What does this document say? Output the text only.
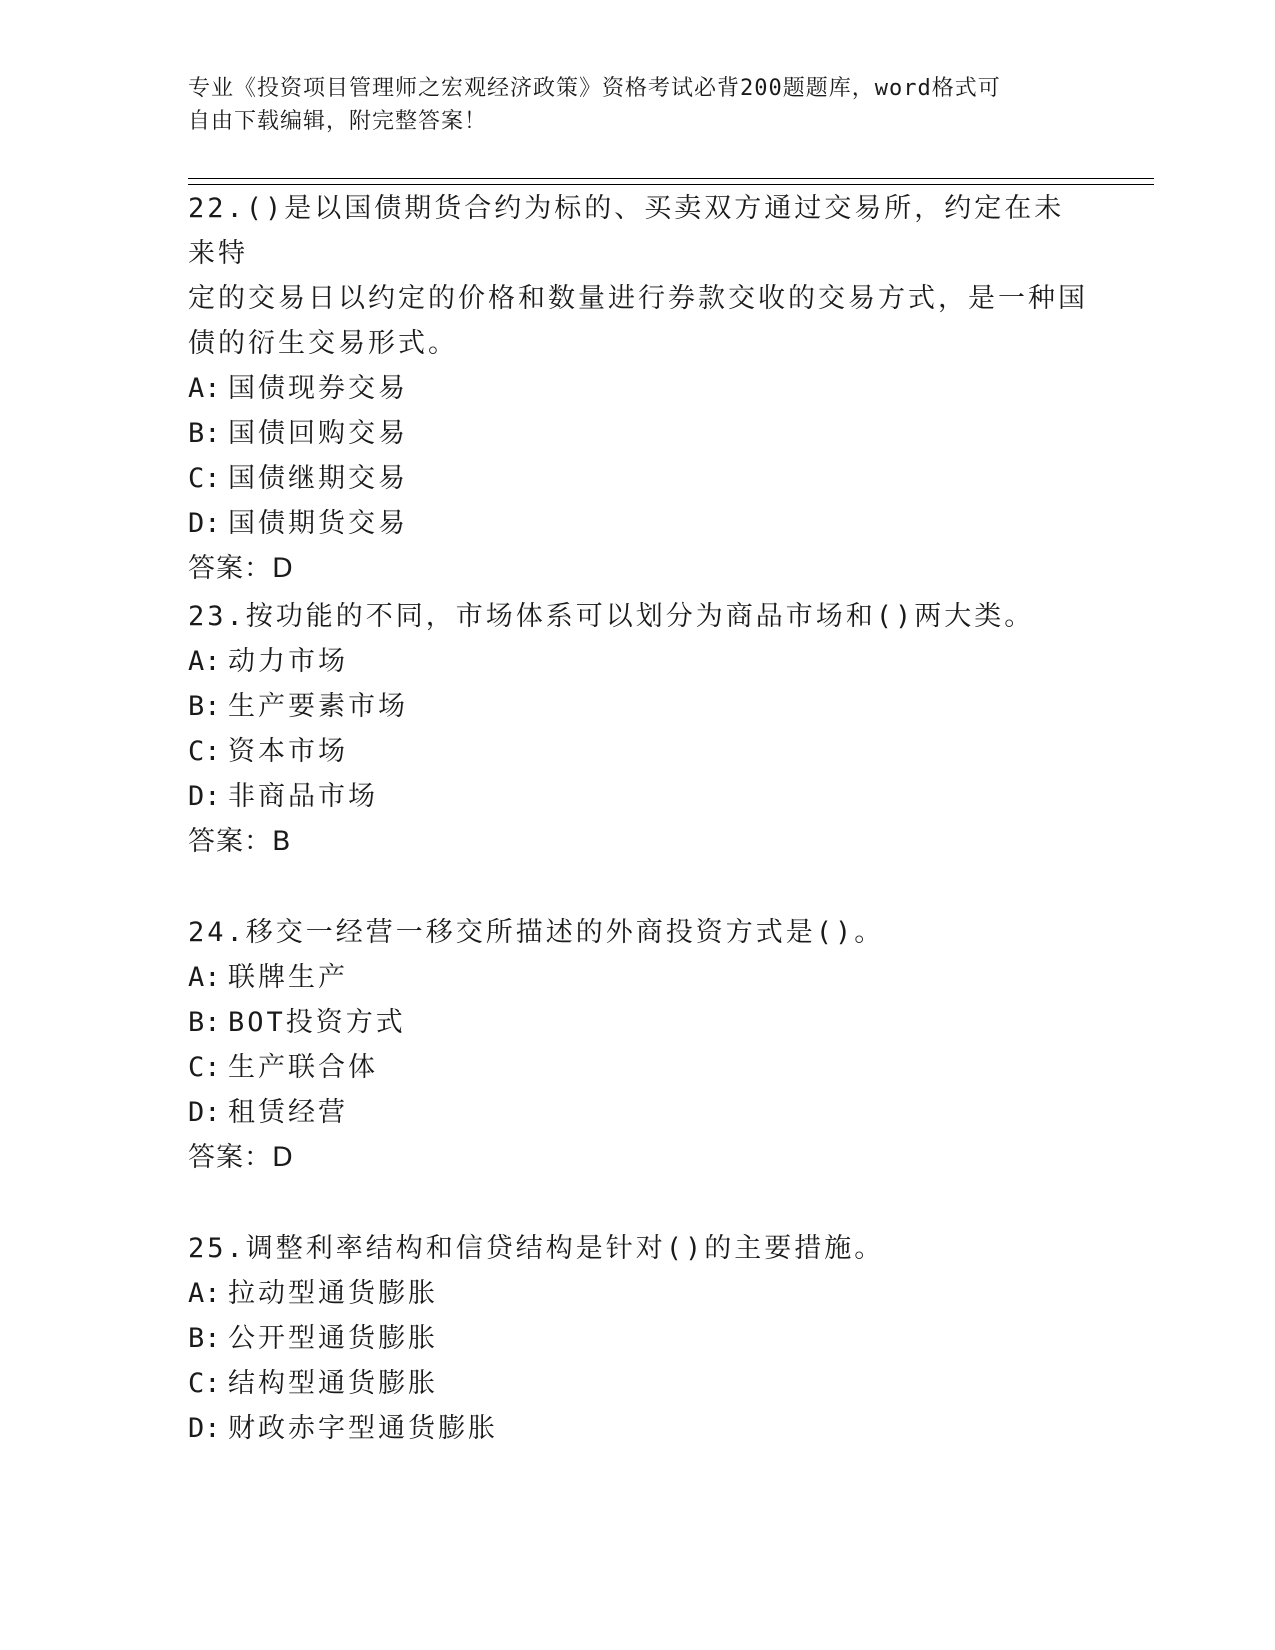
专业《投资项目管理师之宏观经济政策》资格考试必背200题题库，word格式可
自由下载编辑，附完整答案！

22.()是以国债期货合约为标的、买卖双方通过交易所，约定在未来特

定的交易日以约定的价格和数量进行券款交收的交易方式，是一种国

债的衍生交易形式。

A: 国债现券交易

B: 国债回购交易

C: 国债继期交易

D: 国债期货交易

答案：D

23.按功能的不同，市场体系可以划分为商品市场和()两大类。

A: 动力市场

B: 生产要素市场

C: 资本市场

D: 非商品市场

答案：B

24.移交一经营一移交所描述的外商投资方式是()。

A: 联牌生产

B: BOT投资方式

C: 生产联合体

D: 租赁经营

答案：D

25.调整利率结构和信贷结构是针对()的主要措施。

A: 拉动型通货膨胀

B: 公开型通货膨胀

C: 结构型通货膨胀

D: 财政赤字型通货膨胀
